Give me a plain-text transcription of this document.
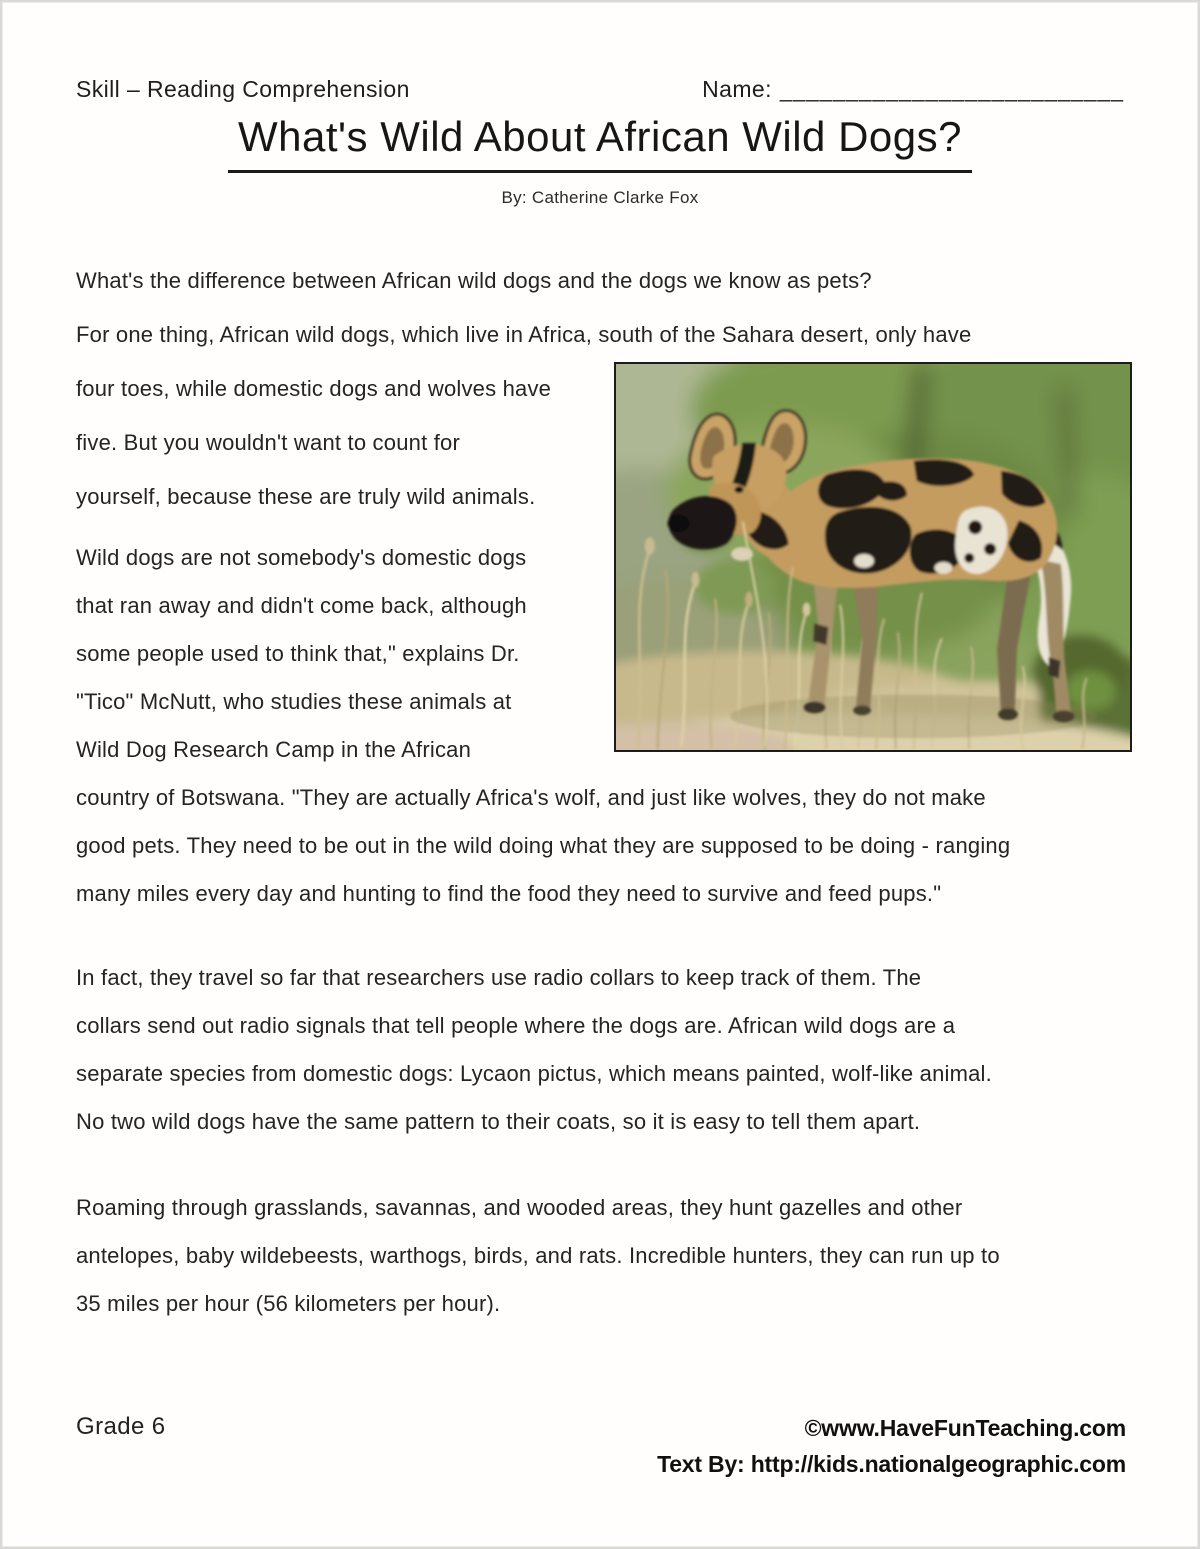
Skill – Reading Comprehension	Name: __________________________
What's Wild About African Wild Dogs?
By: Catherine Clarke Fox
What's the difference between African wild dogs and the dogs we know as pets?
For one thing, African wild dogs, which live in Africa, south of the Sahara desert, only have
four toes, while domestic dogs and wolves have
five. But you wouldn't want to count for
yourself, because these are truly wild animals.
Wild dogs are not somebody's domestic dogs
that ran away and didn't come back, although
some people used to think that," explains Dr.
"Tico" McNutt, who studies these animals at
Wild Dog Research Camp in the African
country of Botswana. "They are actually Africa's wolf, and just like wolves, they do not make
good pets. They need to be out in the wild doing what they are supposed to be doing - ranging
many miles every day and hunting to find the food they need to survive and feed pups."
In fact, they travel so far that researchers use radio collars to keep track of them. The
collars send out radio signals that tell people where the dogs are. African wild dogs are a
separate species from domestic dogs: Lycaon pictus, which means painted, wolf-like animal.
No two wild dogs have the same pattern to their coats, so it is easy to tell them apart.
Roaming through grasslands, savannas, and wooded areas, they hunt gazelles and other
antelopes, baby wildebeests, warthogs, birds, and rats. Incredible hunters, they can run up to
35 miles per hour (56 kilometers per hour).
Grade 6	©www.HaveFunTeaching.com
Text By: http://kids.nationalgeographic.com
